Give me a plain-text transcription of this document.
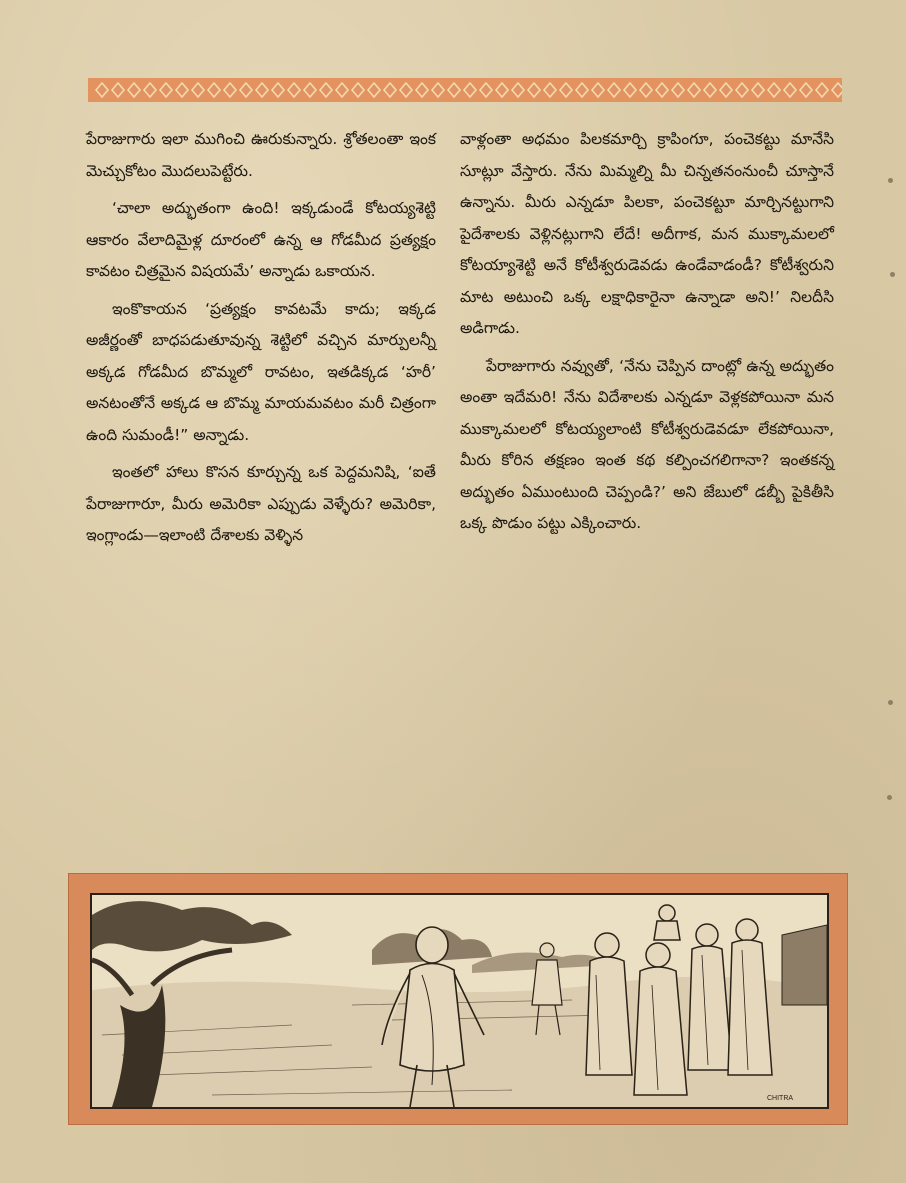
పేరాజుగారు ఇలా ముగించి ఊరుకున్నారు. శ్రోతలంతా ఇంక మెచ్చుకోటం మొదలుపెట్టేరు.

‘చాలా అద్భుతంగా ఉంది! ఇక్కడుండే కోటయ్యశెట్టి ఆకారం వేలాదిమైళ్ల దూరంలో ఉన్న ఆ గోడమీద ప్రత్యక్షం కావటం చిత్రమైన విషయమే’ అన్నాడు ఒకాయన.

ఇంకొకాయన ‘ప్రత్యక్షం కావటమే కాదు; ఇక్కడ అజీర్ణంతో బాధపడుతూవున్న శెట్టిలో వచ్చిన మార్పులన్నీ అక్కడ గోడమీద బొమ్మలో రావటం, ఇతడిక్కడ ‘హరీ’ అనటంతోనే అక్కడ ఆ బొమ్మ మాయమవటం మరీ చిత్రంగా ఉంది సుమండీ!” అన్నాడు.

ఇంతలో హాలు కొసన కూర్చున్న ఒక పెద్దమనిషి, ‘ఐతే పేరాజుగారూ, మీరు అమెరికా ఎప్పుడు వెళ్ళేరు? అమెరికా, ఇంగ్లాండు—ఇలాంటి దేశాలకు వెళ్ళిన

వాళ్లంతా అధమం పిలకమార్చి క్రాపింగూ, పంచెకట్టు మానేసి సూట్లూ వేస్తారు. నేను మిమ్మల్ని మీ చిన్నతనంనుంచీ చూస్తానే ఉన్నాను. మీరు ఎన్నడూ పిలకా, పంచెకట్టూ మార్చినట్టుగాని పైదేశాలకు వెళ్లినట్లుగాని లేదే! అదీగాక, మన ముక్కామలలో కోటయ్యాశెట్టి అనే కోటీశ్వరుడెవడు ఉండేవాడండీ? కోటీశ్వరుని మాట అటుంచి ఒక్క లక్షాధికారైనా ఉన్నాడా అని!’ నిలదీసి అడిగాడు.

పేరాజుగారు నవ్వుతో, ‘నేను చెప్పిన దాంట్లో ఉన్న అద్భుతం అంతా ఇదేమరి! నేను విదేశాలకు ఎన్నడూ వెళ్లకపోయినా మన ముక్కామలలో కోటయ్యలాంటి కోటీశ్వరుడెవడూ లేకపోయినా, మీరు కోరిన తక్షణం ఇంత కథ కల్పించగలిగానా? ఇంతకన్న అద్భుతం ఏముంటుంది చెప్పండి?’ అని జేబులో డబ్బీ పైకితీసి ఒక్క పొడుం పట్టు ఎక్కించారు.

CHITRA
